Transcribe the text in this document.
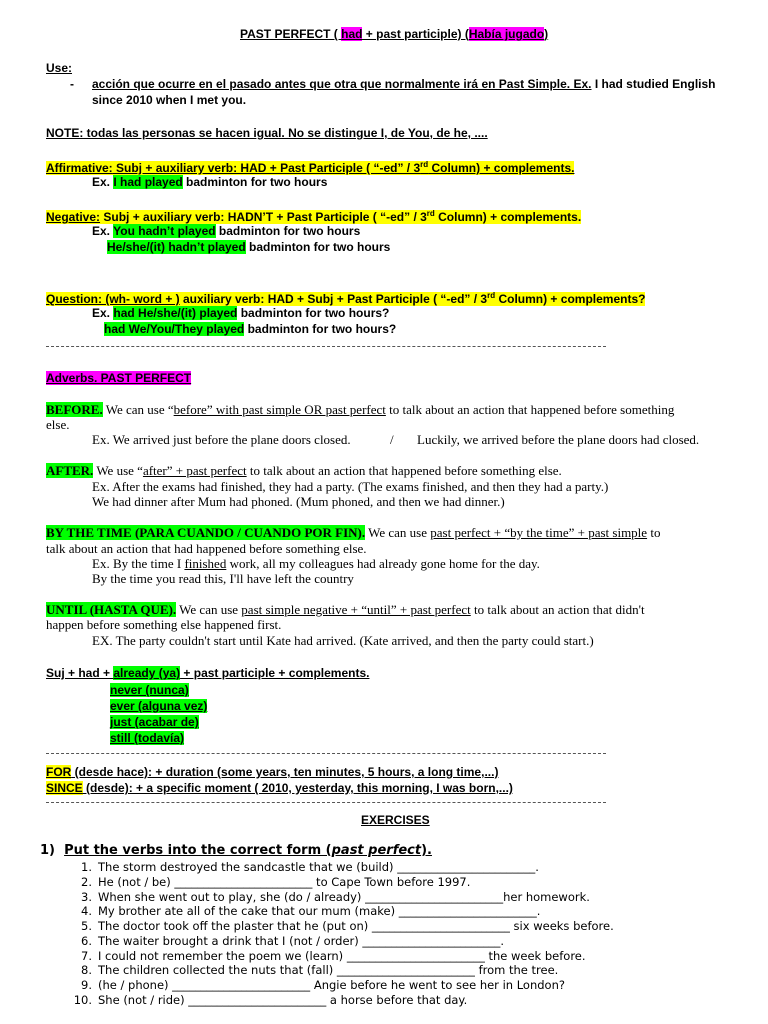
PAST PERFECT ( had + past participle) (Había jugado)
Use:
- acción que ocurre en el pasado antes que otra que normalmente irá en Past Simple. Ex. I had studied English
since 2010 when I met you.
NOTE: todas las personas se hacen igual. No se distingue I, de You, de he, ....
Affirmative: Subj + auxiliary verb: HAD + Past Participle ( “-ed” / 3rd Column) + complements.
Ex. I had played badminton for two hours
Negative: Subj + auxiliary verb: HADN’T + Past Participle ( “-ed” / 3rd Column) + complements.
Ex. You hadn’t played badminton for two hours
He/she/(it) hadn’t played badminton for two hours
Question: (wh- word + ) auxiliary verb: HAD + Subj + Past Participle ( “-ed” / 3rd Column) + complements?
Ex. had He/she/(it) played badminton for two hours?
had We/You/They played badminton for two hours?
Adverbs. PAST PERFECT
BEFORE. We can use “before” with past simple OR past perfect to talk about an action that happened before something
else.
Ex. We arrived just before the plane doors closed.	/ Luckily, we arrived before the plane doors had closed.
AFTER. We use “after” + past perfect to talk about an action that happened before something else.
Ex. After the exams had finished, they had a party. (The exams finished, and then they had a party.)
We had dinner after Mum had phoned. (Mum phoned, and then we had dinner.)
BY THE TIME (PARA CUANDO / CUANDO POR FIN). We can use past perfect + “by the time” + past simple to
talk about an action that had happened before something else.
Ex. By the time I finished work, all my colleagues had already gone home for the day.
By the time you read this, I'll have left the country
UNTIL (HASTA QUE). We can use past simple negative + “until” + past perfect to talk about an action that didn't
happen before something else happened first.
EX. The party couldn't start until Kate had arrived. (Kate arrived, and then the party could start.)
Suj + had + already (ya) + past participle + complements.
never (nunca)
ever (alguna vez)
just (acabar de)
still (todavía)
FOR (desde hace): + duration (some years, ten minutes, 5 hours, a long time,...)
SINCE (desde): + a specific moment ( 2010, yesterday, this morning, I was born,...)
EXERCISES
1) Put the verbs into the correct form (past perfect).
1. The storm destroyed the sandcastle that we (build) ________________________.
2. He (not / be) ________________________ to Cape Town before 1997.
3. When she went out to play, she (do / already) ________________________her homework.
4. My brother ate all of the cake that our mum (make) ________________________.
5. The doctor took off the plaster that he (put on) ________________________ six weeks before.
6. The waiter brought a drink that I (not / order) ________________________.
7. I could not remember the poem we (learn) ________________________ the week before.
8. The children collected the nuts that (fall) ________________________ from the tree.
9. (he / phone) ________________________ Angie before he went to see her in London?
10. She (not / ride) ________________________ a horse before that day.
